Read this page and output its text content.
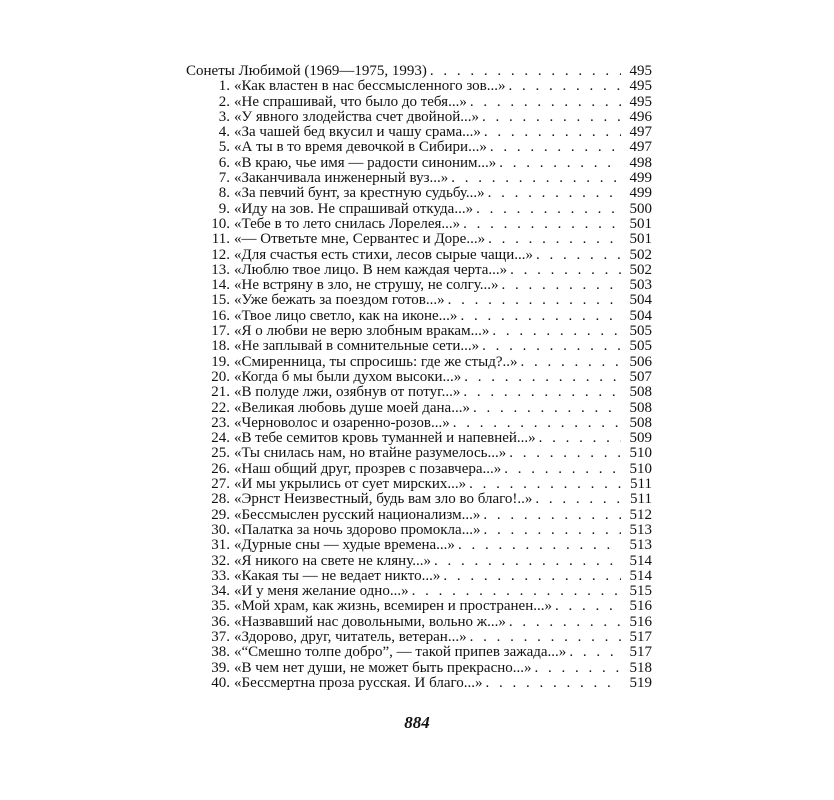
Сонеты Любимой (1969—1975, 1993) . . .	495
1. «Как властен в нас бессмысленного зов...» . . .	495
2. «Не спрашивай, что было до тебя...» . . .	495
3. «У явного злодейства счет двойной...» . . .	496
4. «За чашей бед вкусил и чашу срама...» . . .	497
5. «А ты в то время девочкой в Сибири...» . . .	497
6. «В краю, чье имя — радости синоним...» . . .	498
7. «Заканчивала инженерный вуз...» . . .	499
8. «За певчий бунт, за крестную судьбу...» . . .	499
9. «Иду на зов. Не спрашивай откуда...» . . .	500
10. «Тебе в то лето снилась Лорелея...» . . .	501
11. «— Ответьте мне, Сервантес и Доре...» . . .	501
12. «Для счастья есть стихи, лесов сырые чащи...» . . .	502
13. «Люблю твое лицо. В нем каждая черта...» . . .	502
14. «Не встряну в зло, не струшу, не солгу...» . . .	503
15. «Уже бежать за поездом готов...» . . .	504
16. «Твое лицо светло, как на иконе...» . . .	504
17. «Я о любви не верю злобным вракам...» . . .	505
18. «Не заплывай в сомнительные сети...» . . .	505
19. «Смиренница, ты спросишь: где же стыд?..» . . .	506
20. «Когда б мы были духом высоки...» . . .	507
21. «В полуде лжи, озябнув от потуг...» . . .	508
22. «Великая любовь душе моей дана...» . . .	508
23. «Черноволос и озаренно-розов...» . . .	508
24. «В тебе семитов кровь туманней и напевней...» . . .	509
25. «Ты снилась нам, но втайне разумелось...» . . .	510
26. «Наш общий друг, прозрев с позавчера...» . . .	510
27. «И мы укрылись от сует мирских...» . . .	511
28. «Эрнст Неизвестный, будь вам зло во благо!..» . . .	511
29. «Бессмыслен русский национализм...» . . .	512
30. «Палатка за ночь здорово промокла...» . . .	513
31. «Дурные сны — худые времена...» . . .	513
32. «Я никого на свете не кляну...» . . .	514
33. «Какая ты — не ведает никто...» . . .	514
34. «И у меня желание одно...» . . .	515
35. «Мой храм, как жизнь, всемирен и пространен...» . . .	516
36. «Назвавший нас довольными, вольно ж...» . . .	516
37. «Здорово, друг, читатель, ветеран...» . . .	517
38. «“Смешно толпе добро”, — такой припев зажада...» . . .	517
39. «В чем нет души, не может быть прекрасно...» . . .	518
40. «Бессмертна проза русская. И благо...» . . .	519
884
